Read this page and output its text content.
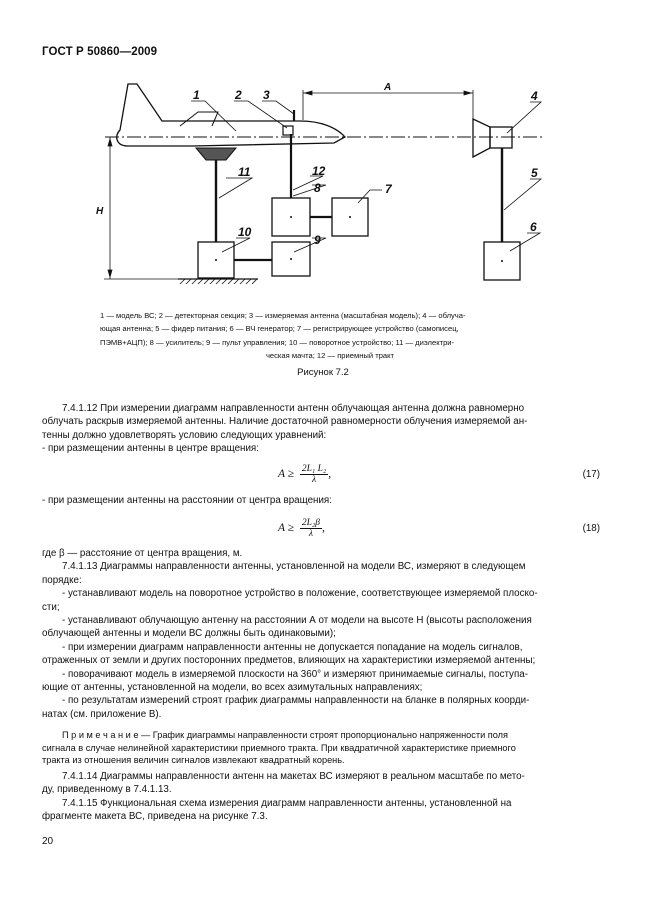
ГОСТ Р 50860—2009
1	2 3	4
5
6
7
8
9
10
11	12
А
Н
1 — модель ВС; 2 — детекторная секция; 3 — измеряемая антенна (масштабная модель); 4 — облуча-
ющая антенна; 5 — фидер питания; 6 — ВЧ генератор; 7 — регистрирующее устройство (самописец,
ПЭМВ+АЦП); 8 — усилитель; 9 — пульт управления; 10 — поворотное устройство; 11 — диэлектри-
ческая мачта; 12 — приемный тракт
Рисунок 7.2
7.4.1.12 При измерении диаграмм направленности антенн облучающая антенна должна равномерно
облучать раскрыв измеряемой антенны. Наличие достаточной равномерности облучения измеряемой ан-
тенны должно удовлетворять условию следующих уравнений:
- при размещении антенны в центре вращения:
$A \ge \frac{\text{2L₁ L₂}}{\lambda}$ ,	(17)
- при размещении антенны на расстоянии от центра вращения:
$A \ge \frac{\text{2L₂β}}{\lambda}$ ,	(18)
где β — расстояние от центра вращения, м.
7.4.1.13 Диаграммы направленности антенны, установленной на модели ВС, измеряют в следующем
порядке:
- устанавливают модель на поворотное устройство в положение, соответствующее измеряемой плоско-
сти;
- устанавливают облучающую антенну на расстоянии А от модели на высоте Н (высоты расположения
облучающей антенны и модели ВС должны быть одинаковыми);
- при измерении диаграмм направленности антенны не допускается попадание на модель сигналов,
отраженных от земли и других посторонних предметов, влияющих на характеристики измеряемой антенны;
- поворачивают модель в измеряемой плоскости на 360° и измеряют принимаемые сигналы, поступа-
ющие от антенны, установленной на модели, во всех азимутальных направлениях;
- по результатам измерений строят график диаграммы направленности на бланке в полярных коорди-
натах (см. приложение В).
П р и м е ч а н и е — График диаграммы направленности строят пропорционально напряженности поля
сигнала в случае нелинейной характеристики приемного тракта. При квадратичной характеристике приемного
тракта из отношения величин сигналов извлекают квадратный корень.
7.4.1.14 Диаграммы направленности антенн на макетах ВС измеряют в реальном масштабе по мето-
ду, приведенному в 7.4.1.13.
7.4.1.15 Функциональная схема измерения диаграмм направленности антенны, установленной на
фрагменте макета ВС, приведена на рисунке 7.3.
20
